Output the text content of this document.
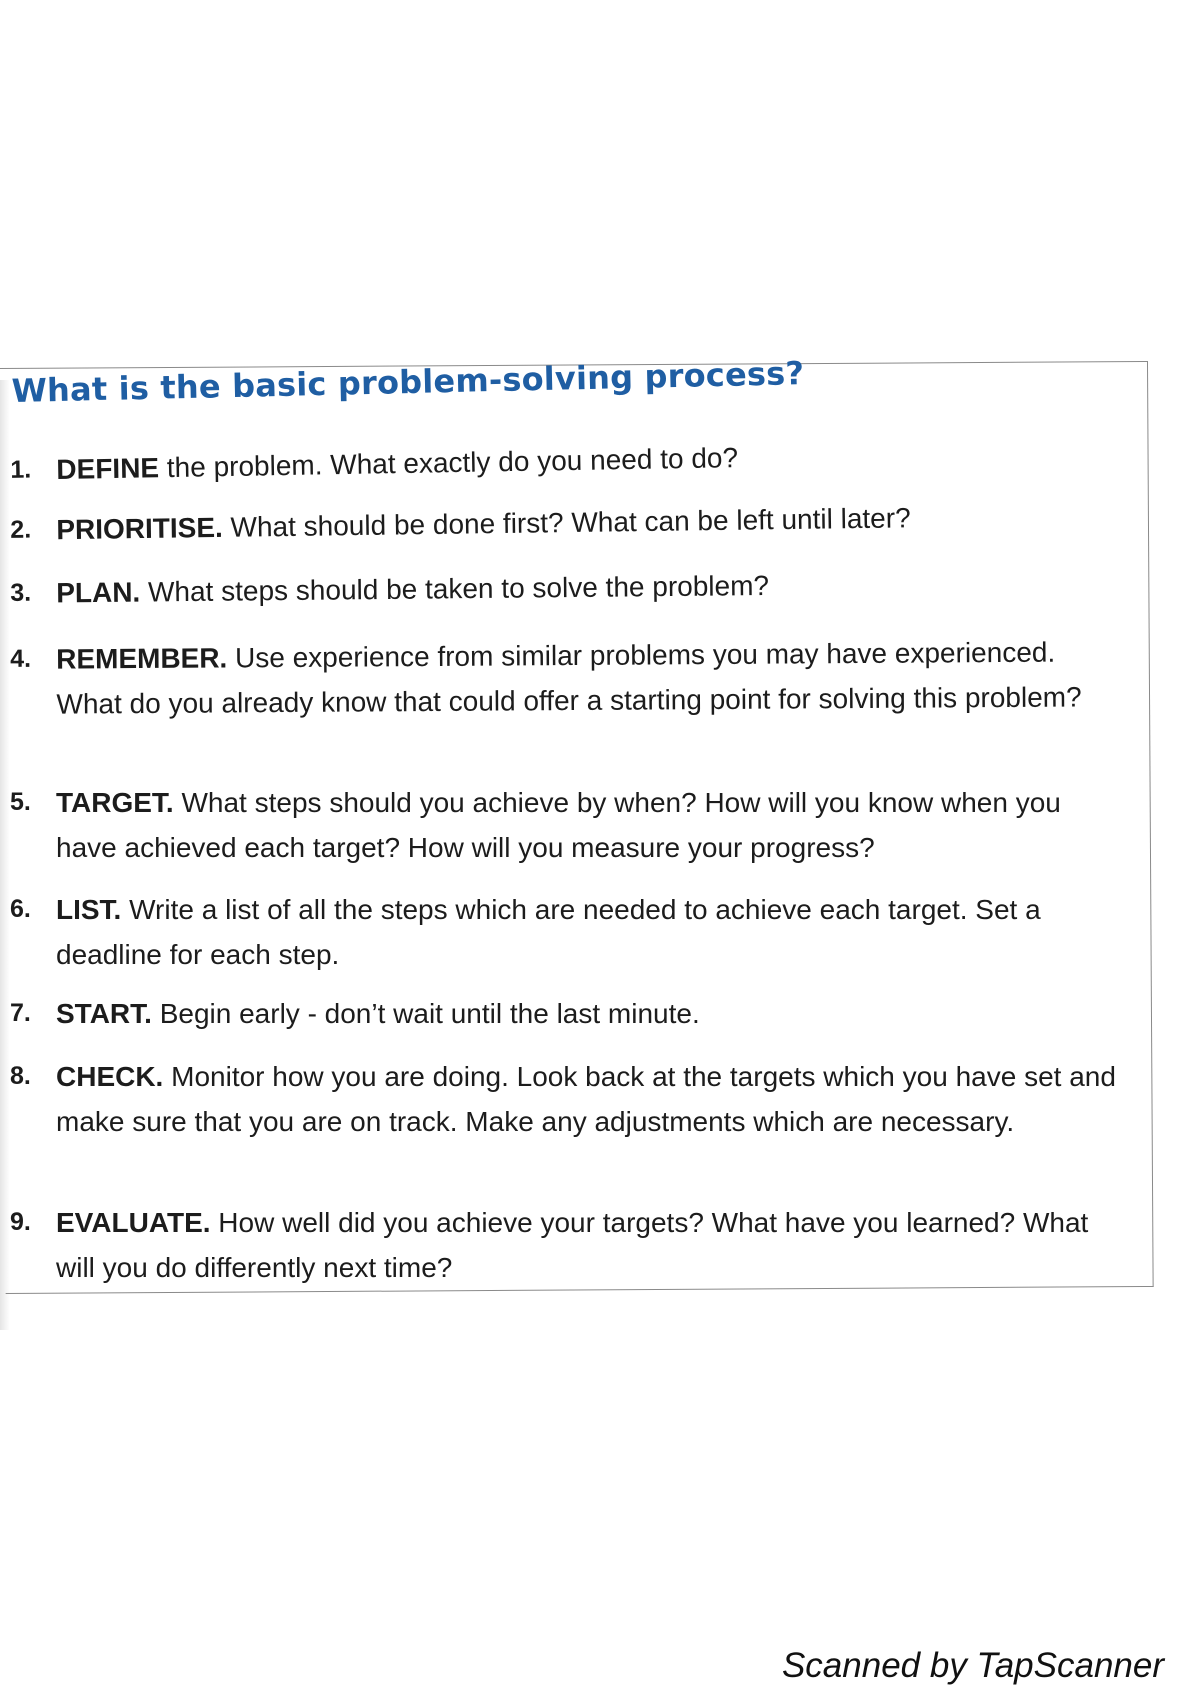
What is the basic problem-solving process?
1. DEFINE the problem. What exactly do you need to do?
2. PRIORITISE. What should be done first? What can be left until later?
3. PLAN. What steps should be taken to solve the problem?
4. REMEMBER. Use experience from similar problems you may have experienced. What do you already know that could offer a starting point for solving this problem?
5. TARGET. What steps should you achieve by when? How will you know when you have achieved each target? How will you measure your progress?
6. LIST. Write a list of all the steps which are needed to achieve each target. Set a deadline for each step.
7. START. Begin early - don’t wait until the last minute.
8. CHECK. Monitor how you are doing. Look back at the targets which you have set and make sure that you are on track. Make any adjustments which are necessary.
9. EVALUATE. How well did you achieve your targets? What have you learned? What will you do differently next time?
Scanned by TapScanner
